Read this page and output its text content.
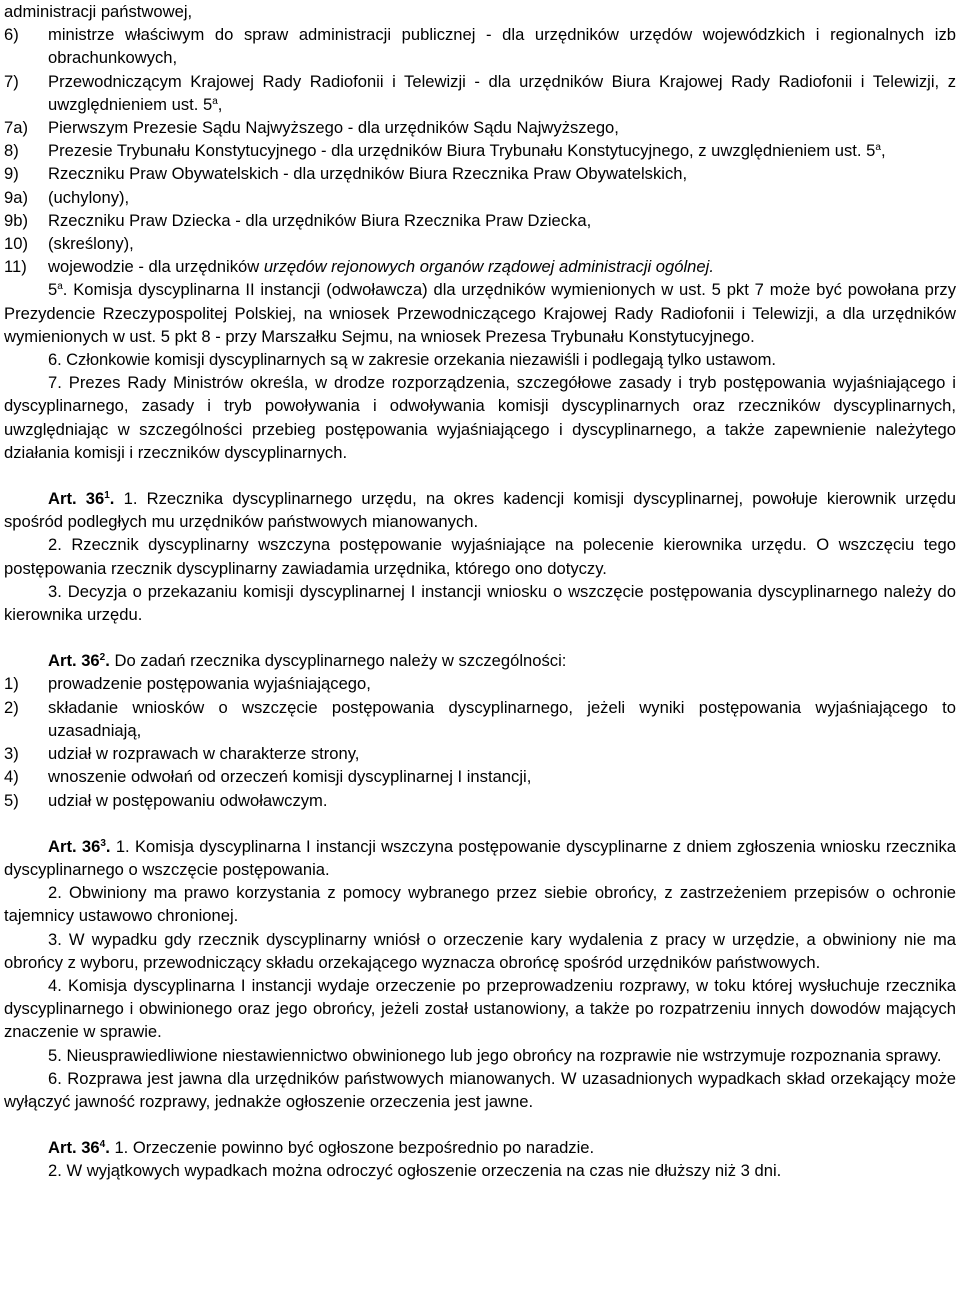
administracji państwowej,
6)	ministrze właściwym do spraw administracji publicznej - dla urzędników urzędów wojewódzkich i regionalnych izb obrachunkowych,
7)	Przewodniczącym Krajowej Rady Radiofonii i Telewizji - dla urzędników Biura Krajowej Rady Radiofonii i Telewizji, z uwzględnieniem ust. 5$^a$,
7a)	Pierwszym Prezesie Sądu Najwyższego - dla urzędników Sądu Najwyższego,
8)	Prezesie Trybunału Konstytucyjnego - dla urzędników Biura Trybunału Konstytucyjnego, z uwzględnieniem ust. 5$^a$,
9)	Rzeczniku Praw Obywatelskich - dla urzędników Biura Rzecznika Praw Obywatelskich,
9a)	(uchylony),
9b)	Rzeczniku Praw Dziecka - dla urzędników Biura Rzecznika Praw Dziecka,
10)	(skreślony),
11)	wojewodzie - dla urzędników urzędów rejonowych organów rządowej administracji ogólnej.
5$^a$. Komisja dyscyplinarna II instancji (odwoławcza) dla urzędników wymienionych w ust. 5 pkt 7 może być powołana przy Prezydencie Rzeczypospolitej Polskiej, na wniosek Przewodniczącego Krajowej Rady Radiofonii i Telewizji, a dla urzędników wymienionych w ust. 5 pkt 8 - przy Marszałku Sejmu, na wniosek Prezesa Trybunału Konstytucyjnego.
6. Członkowie komisji dyscyplinarnych są w zakresie orzekania niezawiśli i podlegają tylko ustawom.
7. Prezes Rady Ministrów określa, w drodze rozporządzenia, szczegółowe zasady i tryb postępowania wyjaśniającego i dyscyplinarnego, zasady i tryb powoływania i odwoływania komisji dyscyplinarnych oraz rzeczników dyscyplinarnych, uwzględniając w szczególności przebieg postępowania wyjaśniającego i dyscyplinarnego, a także zapewnienie należytego działania komisji i rzeczników dyscyplinarnych.
Art. $36^1$. 1. Rzecznika dyscyplinarnego urzędu, na okres kadencji komisji dyscyplinarnej, powołuje kierownik urzędu spośród podległych mu urzędników państwowych mianowanych.
2. Rzecznik dyscyplinarny wszczyna postępowanie wyjaśniające na polecenie kierownika urzędu. O wszczęciu tego postępowania rzecznik dyscyplinarny zawiadamia urzędnika, którego ono dotyczy.
3. Decyzja o przekazaniu komisji dyscyplinarnej I instancji wniosku o wszczęcie postępowania dyscyplinarnego należy do kierownika urzędu.
Art. $36^2$. Do zadań rzecznika dyscyplinarnego należy w szczególności:
1)	prowadzenie postępowania wyjaśniającego,
2)	składanie wniosków o wszczęcie postępowania dyscyplinarnego, jeżeli wyniki postępowania wyjaśniającego to uzasadniają,
3)	udział w rozprawach w charakterze strony,
4)	wnoszenie odwołań od orzeczeń komisji dyscyplinarnej I instancji,
5)	udział w postępowaniu odwoławczym.
Art. $36^3$. 1. Komisja dyscyplinarna I instancji wszczyna postępowanie dyscyplinarne z dniem zgłoszenia wniosku rzecznika dyscyplinarnego o wszczęcie postępowania.
2. Obwiniony ma prawo korzystania z pomocy wybranego przez siebie obrońcy, z zastrzeżeniem przepisów o ochronie tajemnicy ustawowo chronionej.
3. W wypadku gdy rzecznik dyscyplinarny wniósł o orzeczenie kary wydalenia z pracy w urzędzie, a obwiniony nie ma obrońcy z wyboru, przewodniczący składu orzekającego wyznacza obrońcę spośród urzędników państwowych.
4. Komisja dyscyplinarna I instancji wydaje orzeczenie po przeprowadzeniu rozprawy, w toku której wysłuchuje rzecznika dyscyplinarnego i obwinionego oraz jego obrońcy, jeżeli został ustanowiony, a także po rozpatrzeniu innych dowodów mających znaczenie w sprawie.
5. Nieusprawiedliwione niestawiennictwo obwinionego lub jego obrońcy na rozprawie nie wstrzymuje rozpoznania sprawy.
6. Rozprawa jest jawna dla urzędników państwowych mianowanych. W uzasadnionych wypadkach skład orzekający może wyłączyć jawność rozprawy, jednakże ogłoszenie orzeczenia jest jawne.
Art. $36^4$. 1. Orzeczenie powinno być ogłoszone bezpośrednio po naradzie.
2. W wyjątkowych wypadkach można odroczyć ogłoszenie orzeczenia na czas nie dłuższy niż 3 dni.
